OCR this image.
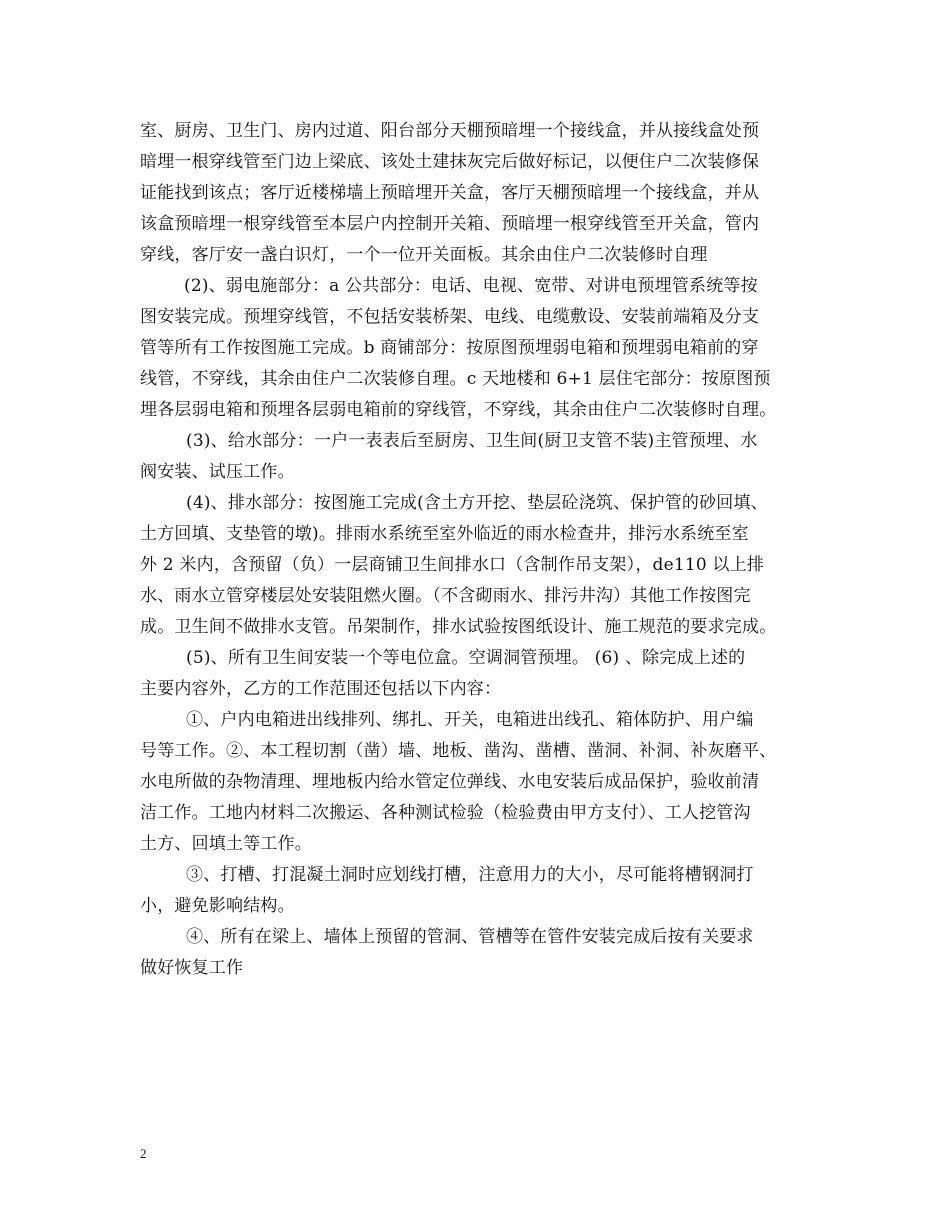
室、厨房、卫生门、房内过道、阳台部分天棚预暗埋一个接线盒，并从接线盒处预
暗埋一根穿线管至门边上梁底、该处土建抹灰完后做好标记，以便住户二次装修保
证能找到该点；客厅近楼梯墙上预暗埋开关盒，客厅天棚预暗埋一个接线盒，并从
该盒预暗埋一根穿线管至本层户内控制开关箱、预暗埋一根穿线管至开关盒，管内
穿线，客厅安一盏白识灯，一个一位开关面板。其余由住户二次装修时自理
(2)、弱电施部分：a 公共部分：电话、电视、宽带、对讲电预埋管系统等按
图安装完成。预埋穿线管，不包括安装桥架、电线、电缆敷设、安装前端箱及分支
管等所有工作按图施工完成。b 商铺部分：按原图预埋弱电箱和预埋弱电箱前的穿
线管，不穿线，其余由住户二次装修自理。c 天地楼和 6+1 层住宅部分：按原图预
埋各层弱电箱和预埋各层弱电箱前的穿线管，不穿线，其余由住户二次装修时自理。
(3)、给水部分：一户一表表后至厨房、卫生间(厨卫支管不装)主管预埋、水
阀安装、试压工作。
(4)、排水部分：按图施工完成(含土方开挖、垫层砼浇筑、保护管的砂回填、
土方回填、支垫管的墩)。排雨水系统至室外临近的雨水检查井，排污水系统至室
外 2 米内，含预留（负）一层商铺卫生间排水口（含制作吊支架），de110 以上排
水、雨水立管穿楼层处安装阻燃火圈。（不含砌雨水、排污井沟）其他工作按图完
成。卫生间不做排水支管。吊架制作，排水试验按图纸设计、施工规范的要求完成。
(5)、所有卫生间安装一个等电位盒。空调洞管预埋。 (6) 、除完成上述的
主要内容外，乙方的工作范围还包括以下内容：
①、户内电箱进出线排列、绑扎、开关，电箱进出线孔、箱体防护、用户编
号等工作。②、本工程切割（凿）墙、地板、凿沟、凿槽、凿洞、补洞、补灰磨平、
水电所做的杂物清理、埋地板内给水管定位弹线、水电安装后成品保护，验收前清
洁工作。工地内材料二次搬运、各种测试检验（检验费由甲方支付）、工人挖管沟
土方、回填土等工作。
③、打槽、打混凝土洞时应划线打槽，注意用力的大小，尽可能将槽钢洞打
小，避免影响结构。
④、所有在梁上、墙体上预留的管洞、管槽等在管件安装完成后按有关要求
做好恢复工作
2
